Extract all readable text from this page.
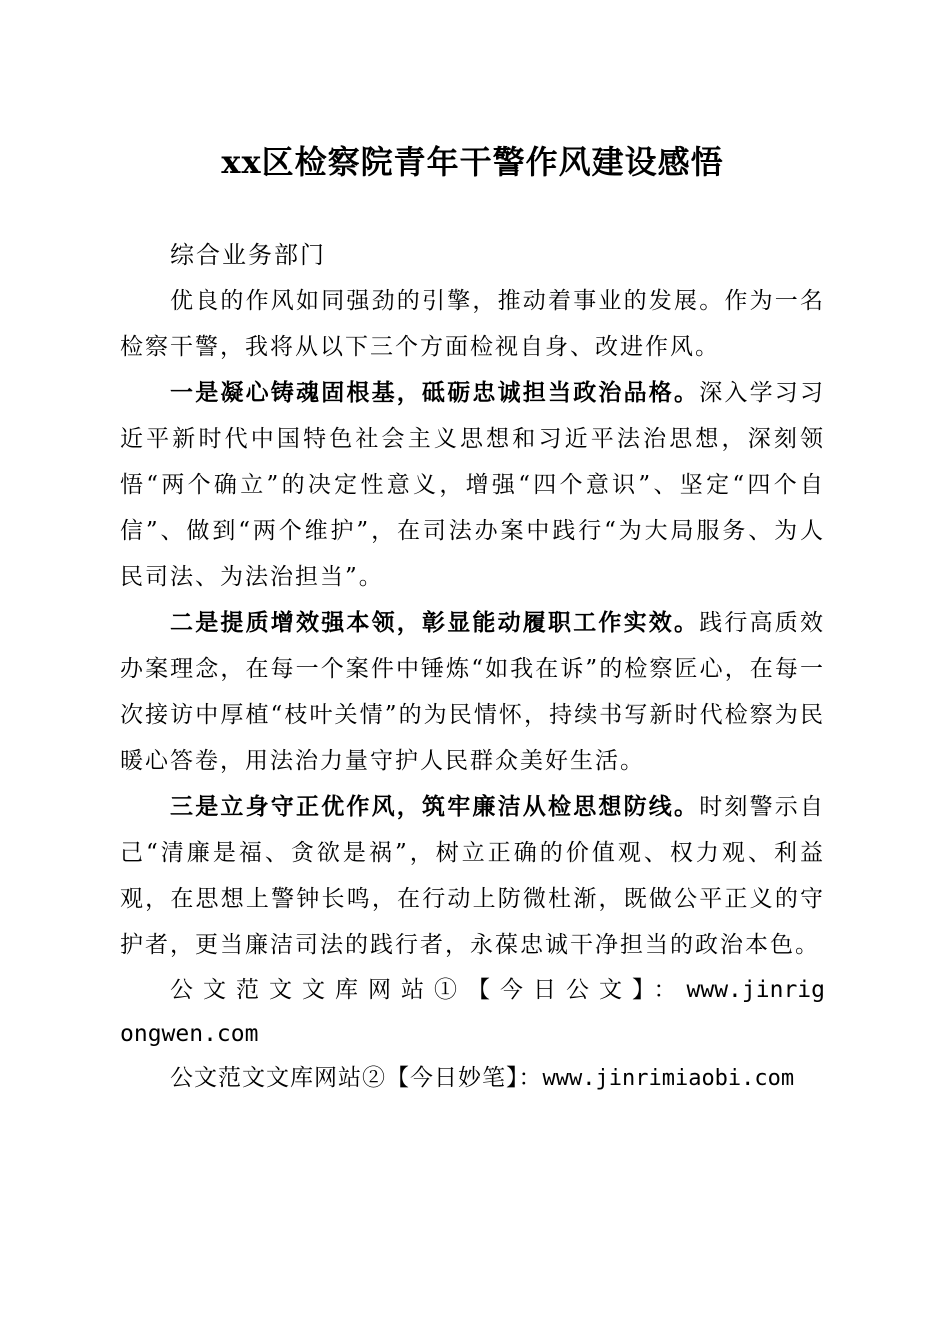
xx区检察院青年干警作风建设感悟

综合业务部门

优良的作风如同强劲的引擎，推动着事业的发展。作为一名检察干警，我将从以下三个方面检视自身、改进作风。

一是凝心铸魂固根基，砥砺忠诚担当政治品格。深入学习习近平新时代中国特色社会主义思想和习近平法治思想，深刻领悟“两个确立”的决定性意义，增强“四个意识”、坚定“四个自信”、做到“两个维护”，在司法办案中践行“为大局服务、为人民司法、为法治担当”。

二是提质增效强本领，彰显能动履职工作实效。践行高质效办案理念，在每一个案件中锤炼“如我在诉”的检察匠心，在每一次接访中厚植“枝叶关情”的为民情怀，持续书写新时代检察为民暖心答卷，用法治力量守护人民群众美好生活。

三是立身守正优作风，筑牢廉洁从检思想防线。时刻警示自己“清廉是福、贪欲是祸”，树立正确的价值观、权力观、利益观，在思想上警钟长鸣，在行动上防微杜渐，既做公平正义的守护者，更当廉洁司法的践行者，永葆忠诚干净担当的政治本色。

公文范文文库网站①【今日公文】：www.jinrigongwen.com

公文范文文库网站②【今日妙笔】：www.jinrimiaobi.com
